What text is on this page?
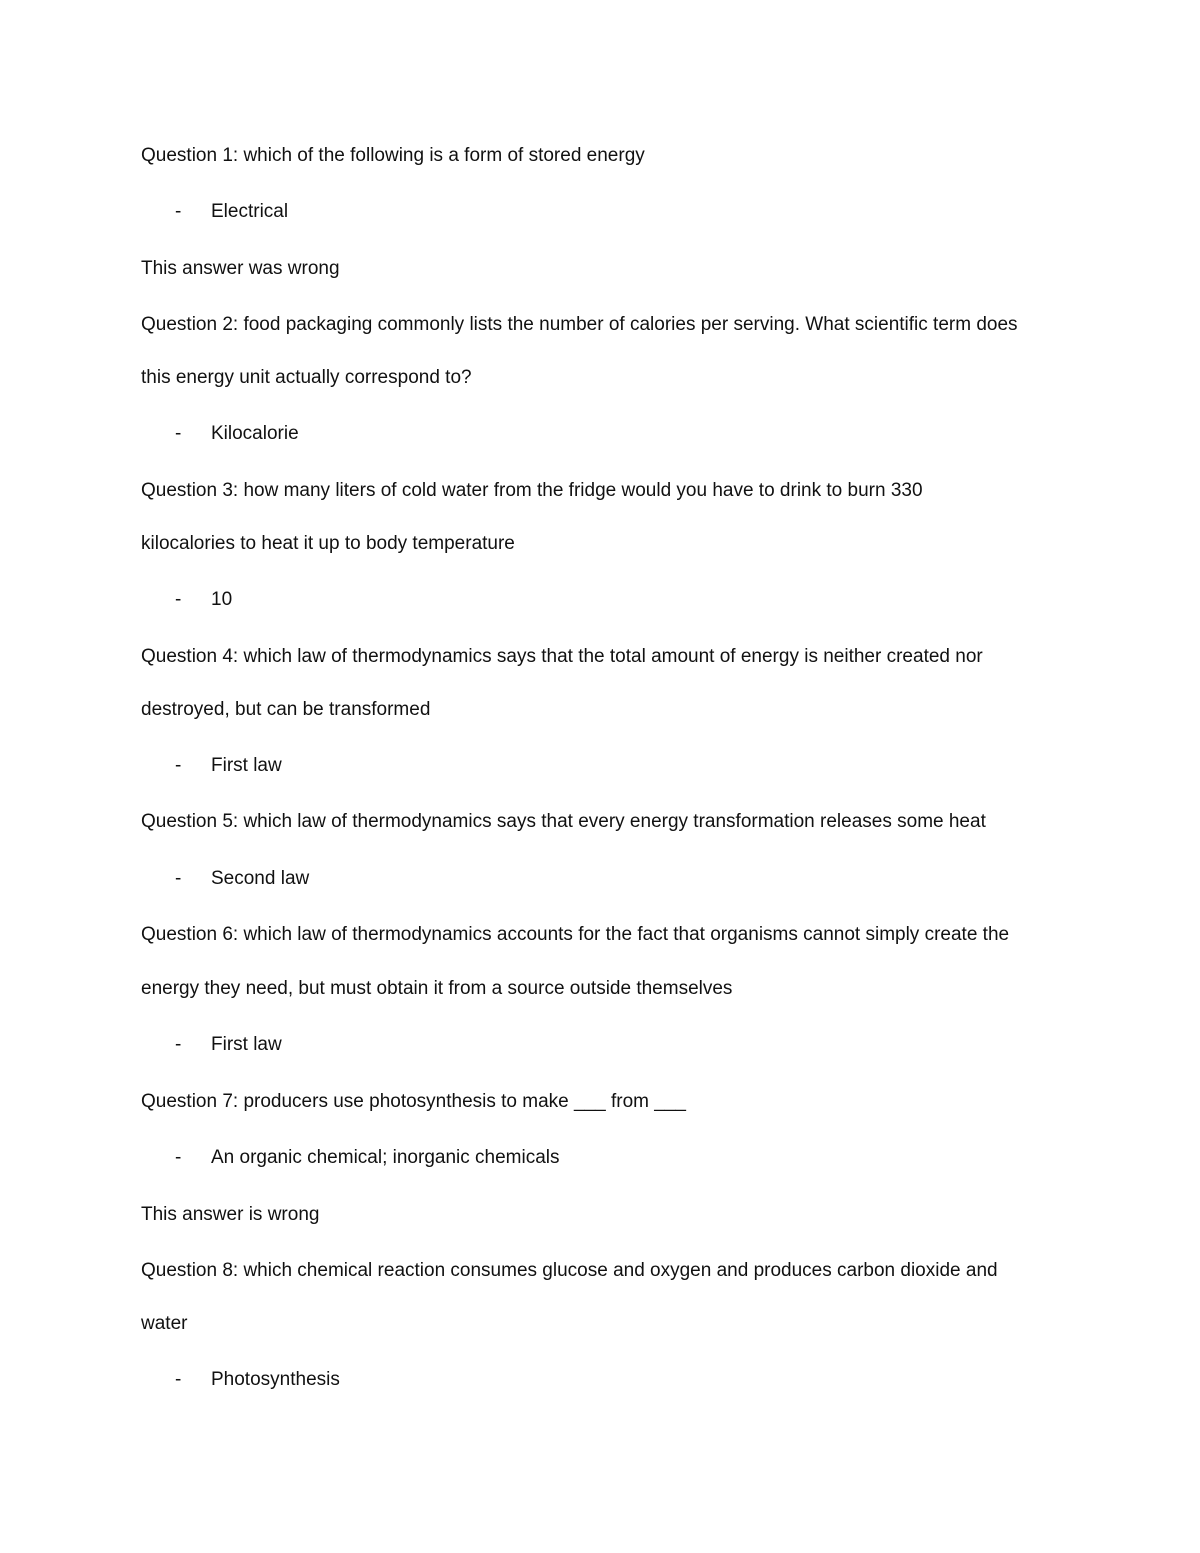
Question 1: which of the following is a form of stored energy
- Electrical
This answer was wrong
Question 2: food packaging commonly lists the number of calories per serving. What scientific term does
this energy unit actually correspond to?
- Kilocalorie
Question 3: how many liters of cold water from the fridge would you have to drink to burn 330
kilocalories to heat it up to body temperature
- 10
Question 4: which law of thermodynamics says that the total amount of energy is neither created nor
destroyed, but can be transformed
- First law
Question 5: which law of thermodynamics says that every energy transformation releases some heat
- Second law
Question 6: which law of thermodynamics accounts for the fact that organisms cannot simply create the
energy they need, but must obtain it from a source outside themselves
- First law
Question 7: producers use photosynthesis to make ___ from ___
- An organic chemical; inorganic chemicals
This answer is wrong
Question 8: which chemical reaction consumes glucose and oxygen and produces carbon dioxide and
water
- Photosynthesis
